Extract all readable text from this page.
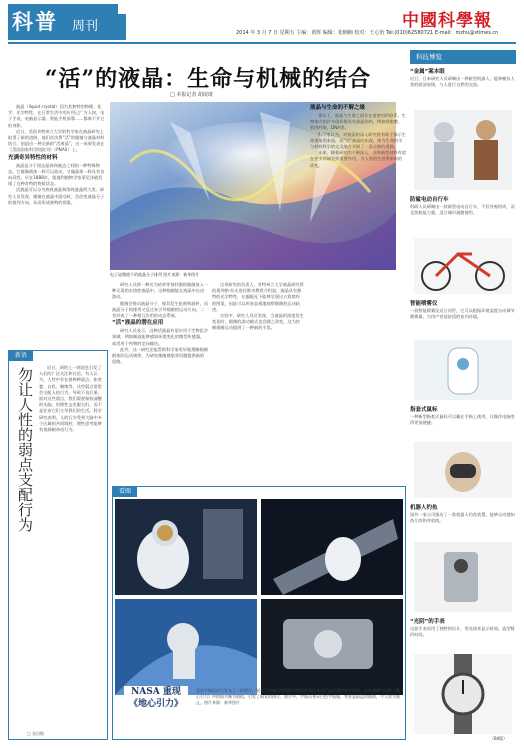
科普 周刊	中國科學報
2014 年 3 月 7 日 星期五 主编：黄辉 编辑：张楠楠 校对：王心怡 Tel:(010)62580721 E-mail：mzhu@stimes.cn
“活”的液晶：生命与机械的结合
□ 本报记者 胡珉琦
电子显微镜下的液晶分子排列 图片来源：新华图片

液晶（liquid crystal）因为其独特的物理、化学、光学特性，在日常生活中的应用已广为人知，电子手表、电脑显示器、智能手机屏幕……都离不开它的身影。

近日，美国肯特州立大学的科学家在液晶研究上取得了新的进展，他们首次将“活”的细菌与液晶材料结合，创造出一种全新的“活液晶”，这一成果发表在《美国国家科学院院刊》（PNAS）上。

充满奇异特性的材料

液晶是介于固态晶体和液态之间的一种特殊物态，它既像液体一样可以流动，又像晶体一样具有各向异性。早在1888年，奥地利植物学家莱尼泽就发现了这种奇特的物质状态。

活液晶可以分为热致液晶和溶致液晶两大类。研究人员发现，细菌在液晶中游动时，会改变液晶分子的排列方向，从而形成独特的图案。

研究人员将一种名为枯草芽孢杆菌的细菌放入一种无毒的水溶性液晶中，这种细菌能在液晶中自由游动。

细菌会推动液晶分子，使其发生扭曲和旋转，而液晶分子的排列又反过来引导细菌的运动方向，二者形成了一种相互作用的动态系统。

“活”液晶的潜在应用

研究人员表示，这种活液晶有望应用于生物医学领域，例如制造能够感知环境变化的微型传感器，或者用于药物的定向输送。

此外，这一研究还能帮助科学家更好地理解细菌群体的运动规律，为研究细菌感染等问题提供新的思路。

这项研究的负责人、肯特州立大学液晶研究所的奥列格·拉夫连托维奇教授介绍说，液晶具有独特的光学特性，在偏振光下能够呈现出五彩缤纷的图案，因此可以用来直观地观察细菌的运动轨迹。

实验中，研究人员还发现，当液晶的浓度发生变化时，细菌的游动模式也会随之改变，这为控制细菌运动提供了一种新的手段。

液晶与生命的不解之缘

事实上，液晶与生命之间存在着密切的联系。生物体内的许多组织都具有液晶结构，例如细胞膜、肌肉纤维、DNA等。

科学家认为，对液晶的深入研究将有助于揭示生命现象的本质，而“活”液晶的出现，则为生命科学与材料科学的交叉融合开辟了一条全新的道路。

未来，随着研究的不断深入，这种新型材料有望在更多领域发挥重要作用，为人类的生活带来新的改变。

新语
勿让人性的弱点支配行为	近日，网络上一则消息引发了人们的广泛关注和讨论。有人认为，人性中存在着种种弱点，如贪婪、自私、懒惰等，这些弱点常常会支配人的行为，导致不良后果。面对这些弱点，我们需要保持清醒的头脑，用理性去克服它们，而不是任由它们主导我们的生活。科学研究表明，人的行为受到大脑中多个区域的共同调控，理性思考能够有效抑制冲动行为。

□ 张田勘
看图
NASA 重现《地心引力》
美国宇航局近日发布了一组照片，展示了宇航员在国际空间站外执行太空行走任务的真实场景。这些画面与电影《地心引力》中的情节颇为相似，引发了网友的热议。照片中，宇航员身穿白色宇航服，背景是蔚蓝的地球，令人叹为观止。图片来源：新华图片
科技博览
“金属”案本眼
近日，日本研究人员研制出一种新型机器人，能够模仿人类的面部表情，与人进行自然的交流。
防鲨电动自行车
科研人员研制出一款新型电动自行车，不仅外观时尚，而且续航能力强，适合城市通勤使用。
智能喷雾仪
一款智能喷雾仪近日问世，它可以根据环境湿度自动调节喷雾量，为用户营造舒适的室内环境。
指套式鼠标
一种新型指套式鼠标可以戴在手指上使用，让操作电脑变得更加便捷。
机器人钓鱼
国外一家公司推出了一款机器人钓鱼装置，能够自动感知鱼儿咬钩并收线。
“光阴”的手表
这款手表采用了独特的设计，用光线来显示时间，造型简约时尚。
（B4版）
